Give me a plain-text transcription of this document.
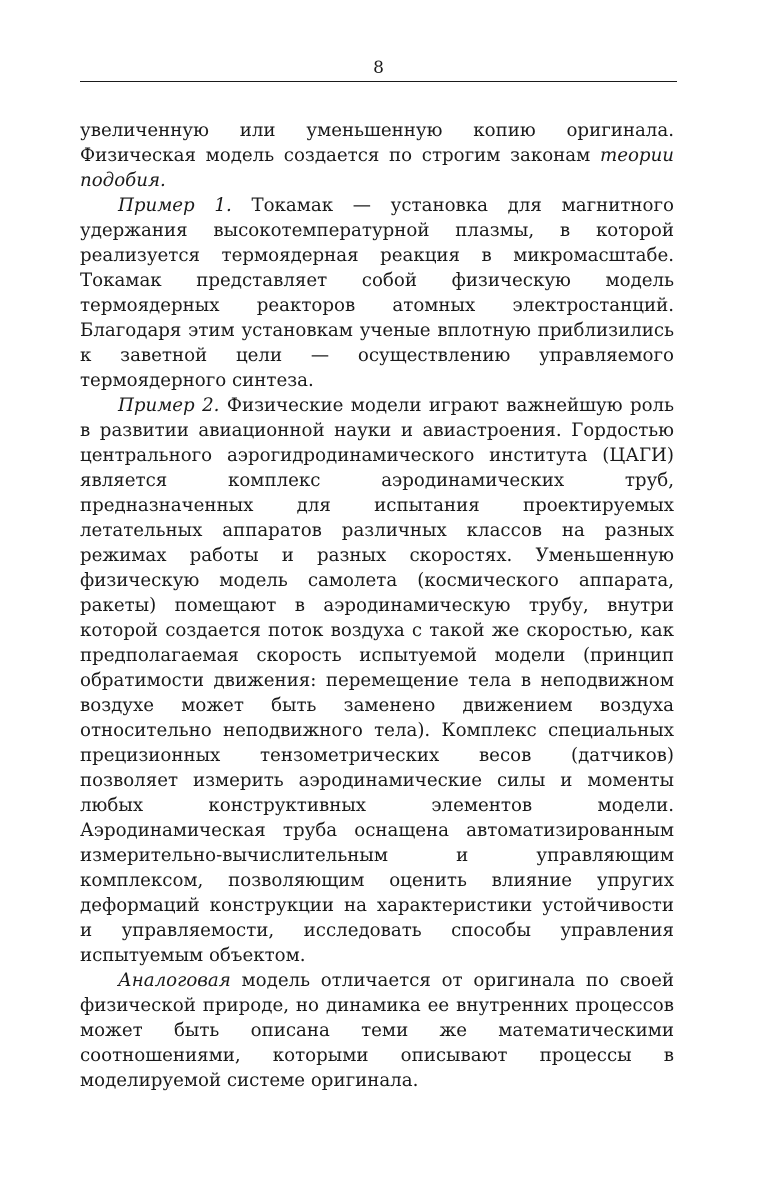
8

увеличенную или уменьшенную копию оригинала. Физическая модель создается по строгим законам теории подобия.

Пример 1. Токамак — установка для магнитного удержания высокотемпературной плазмы, в которой реализуется термоядерная реакция в микромасштабе. Токамак представляет собой физическую модель термоядерных реакторов атомных электростанций. Благодаря этим установкам ученые вплотную приблизились к заветной цели — осуществлению управляемого термоядерного синтеза.

Пример 2. Физические модели играют важнейшую роль в развитии авиационной науки и авиастроения. Гордостью центрального аэрогидродинамического института (ЦАГИ) является комплекс аэродинамических труб, предназначенных для испытания проектируемых летательных аппаратов различных классов на разных режимах работы и разных скоростях. Уменьшенную физическую модель самолета (космического аппарата, ракеты) помещают в аэродинамическую трубу, внутри которой создается поток воздуха с такой же скоростью, как предполагаемая скорость испытуемой модели (принцип обратимости движения: перемещение тела в неподвижном воздухе может быть заменено движением воздуха относительно неподвижного тела). Комплекс специальных прецизионных тензометрических весов (датчиков) позволяет измерить аэродинамические силы и моменты любых конструктивных элементов модели. Аэродинамическая труба оснащена автоматизированным измерительно-вычислительным и управляющим комплексом, позволяющим оценить влияние упругих деформаций конструкции на характеристики устойчивости и управляемости, исследовать способы управления испытуемым объектом.

Аналоговая модель отличается от оригинала по своей физической природе, но динамика ее внутренних процессов может быть описана теми же математическими соотношениями, которыми описывают процессы в моделируемой системе оригинала.
